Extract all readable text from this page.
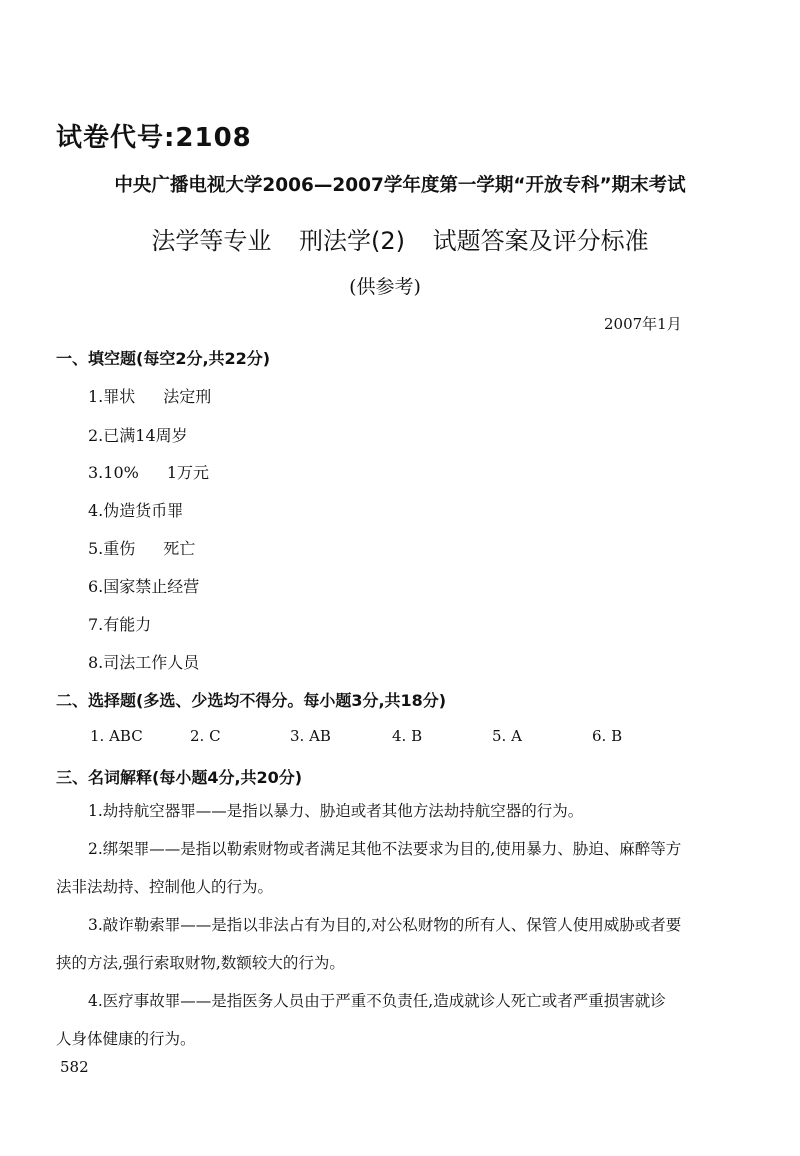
试卷代号:2108
中央广播电视大学2006—2007学年度第一学期“开放专科”期末考试
法学等专业 刑法学(2) 试题答案及评分标准
(供参考)
2007年1月
一、填空题(每空2分,共22分)
1.罪状 法定刑
2.已满14周岁
3.10% 1万元
4.伪造货币罪
5.重伤 死亡
6.国家禁止经营
7.有能力
8.司法工作人员
二、选择题(多选、少选均不得分。每小题3分,共18分)
1. ABC	2. C	3. AB	4. B	5. A	6. B
三、名词解释(每小题4分,共20分)
1.劫持航空器罪——是指以暴力、胁迫或者其他方法劫持航空器的行为。
2.绑架罪——是指以勒索财物或者满足其他不法要求为目的,使用暴力、胁迫、麻醉等方
法非法劫持、控制他人的行为。
3.敲诈勒索罪——是指以非法占有为目的,对公私财物的所有人、保管人使用威胁或者要
挟的方法,强行索取财物,数额较大的行为。
4.医疗事故罪——是指医务人员由于严重不负责任,造成就诊人死亡或者严重损害就诊
人身体健康的行为。
582
